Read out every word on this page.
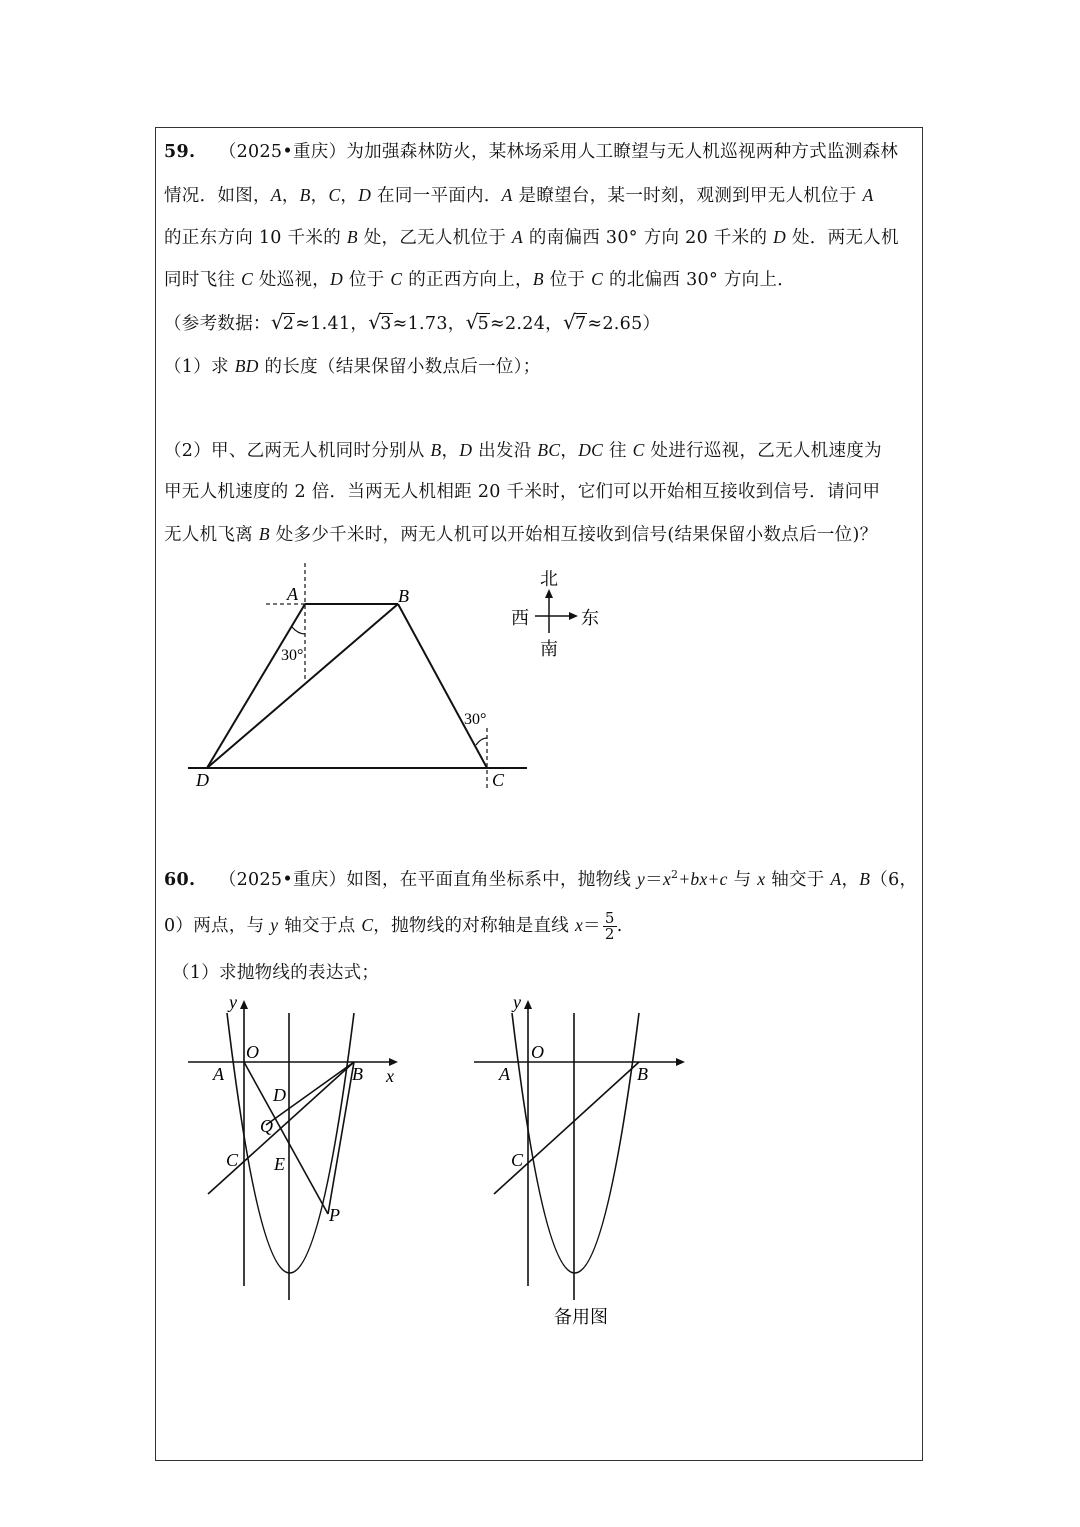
59. （2025•重庆）为加强森林防火，某林场采用人工瞭望与无人机巡视两种方式监测森林
情况．如图，A，B，C，D 在同一平面内．A 是瞭望台，某一时刻，观测到甲无人机位于 A
的正东方向 10 千米的 B 处，乙无人机位于 A 的南偏西 30° 方向 20 千米的 D 处．两无人机
同时飞往 C 处巡视，D 位于 C 的正西方向上，B 位于 C 的北偏西 30° 方向上．
（参考数据： √ 2≈1.41， √ 3≈1.73， √ 5≈2.24， √ 7≈2.65）
（1）求 BD 的长度（结果保留小数点后一位）；
（2）甲、乙两无人机同时分别从 B，D 出发沿 BC，DC 往 C 处进行巡视，乙无人机速度为
甲无人机速度的 2 倍．当两无人机相距 20 千米时，它们可以开始相互接收到信号．请问甲
无人机飞离 B 处多少千米时，两无人机可以开始相互接收到信号(结果保留小数点后一位)？
A	B
D	C
30°
30°
北
南
西	东
60. （2025•重庆）如图，在平面直角坐标系中，抛物线 $y=x^2+bx+c$ 与 x 轴交于 A，B（6，
0）两点，与 y 轴交于点 C，抛物线的对称轴是直线 $x= \frac{5}{2}$ .
（1）求抛物线的表达式；
y
O
A	B x
D
Q
C E
P
y
O
A	B
C
备用图
